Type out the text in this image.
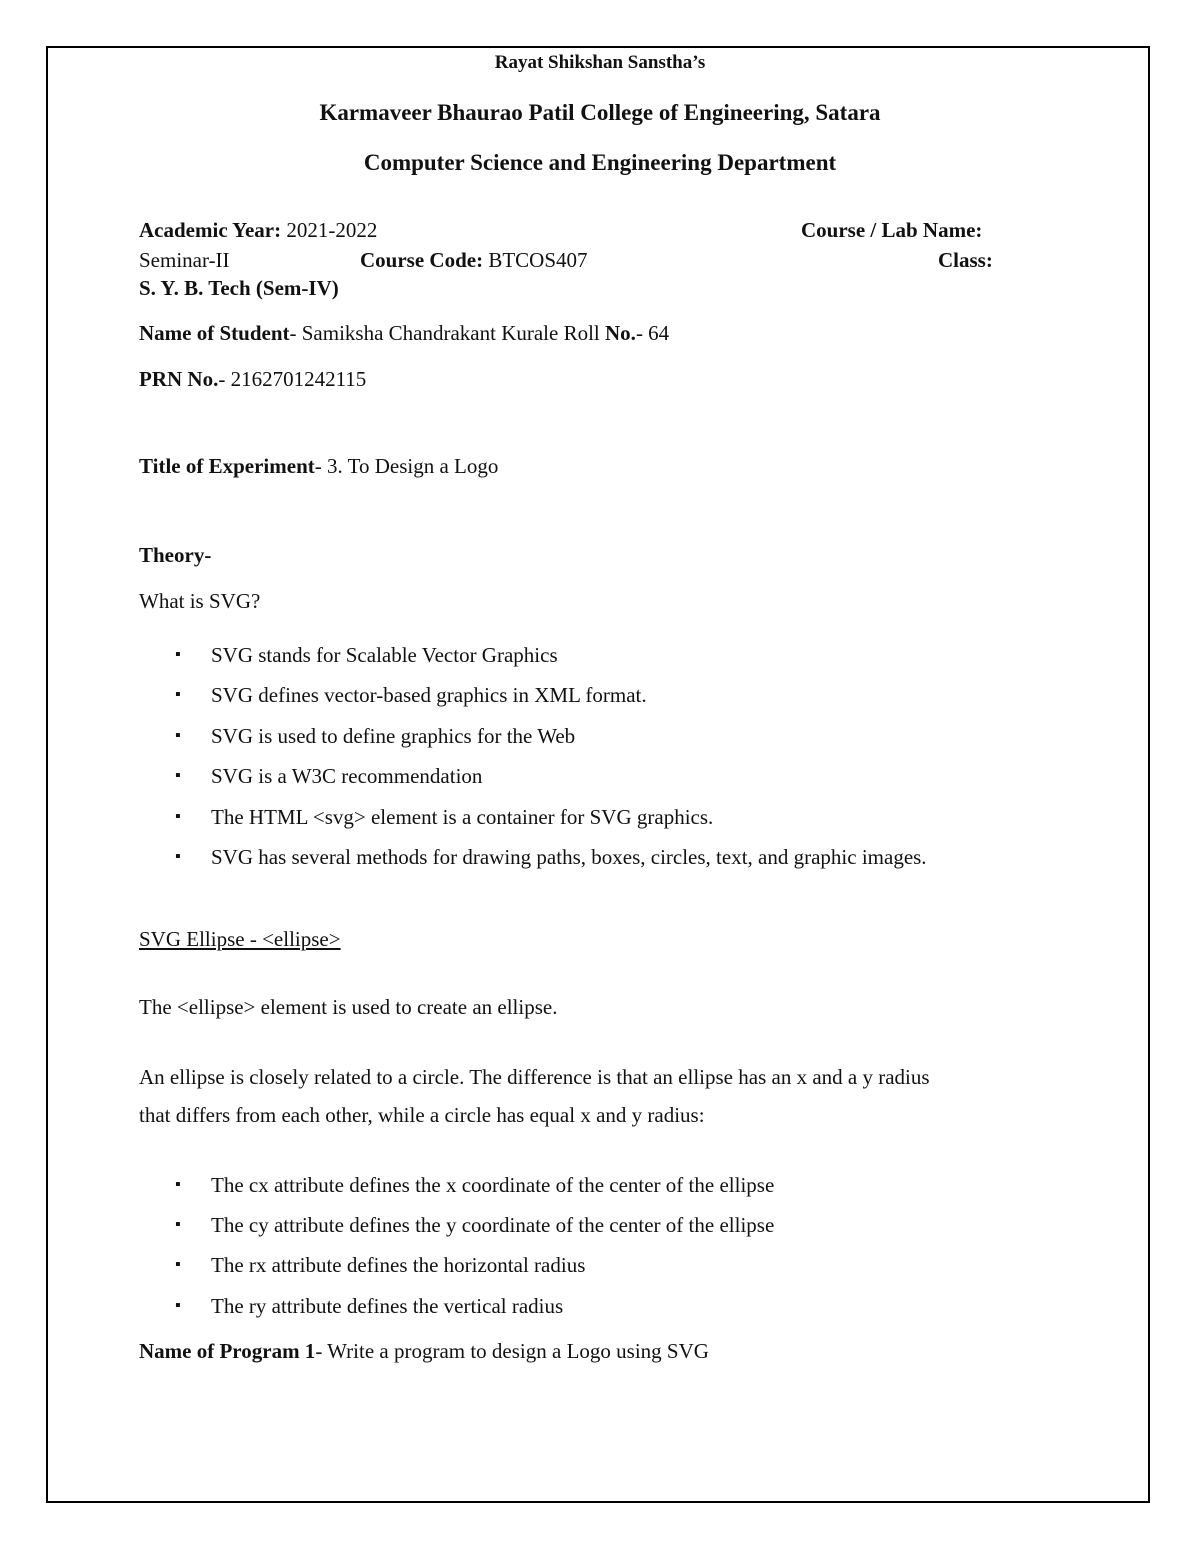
Rayat Shikshan Sanstha’s
Karmaveer Bhaurao Patil College of Engineering, Satara
Computer Science and Engineering Department
Academic Year: 2021-2022	Course / Lab Name:
Seminar-II	Course Code: BTCOS407	Class:
S. Y. B. Tech (Sem-IV)
Name of Student- Samiksha Chandrakant Kurale Roll No.- 64
PRN No.- 2162701242115
Title of Experiment- 3. To Design a Logo
Theory-
What is SVG?
▪ SVG stands for Scalable Vector Graphics
▪ SVG defines vector-based graphics in XML format.
▪ SVG is used to define graphics for the Web
▪ SVG is a W3C recommendation
▪ The HTML <svg> element is a container for SVG graphics.
▪ SVG has several methods for drawing paths, boxes, circles, text, and graphic images.
SVG Ellipse - <ellipse>
The <ellipse> element is used to create an ellipse.
An ellipse is closely related to a circle. The difference is that an ellipse has an x and a y radius
that differs from each other, while a circle has equal x and y radius:
▪ The cx attribute defines the x coordinate of the center of the ellipse
▪ The cy attribute defines the y coordinate of the center of the ellipse
▪ The rx attribute defines the horizontal radius
▪ The ry attribute defines the vertical radius
Name of Program 1- Write a program to design a Logo using SVG
